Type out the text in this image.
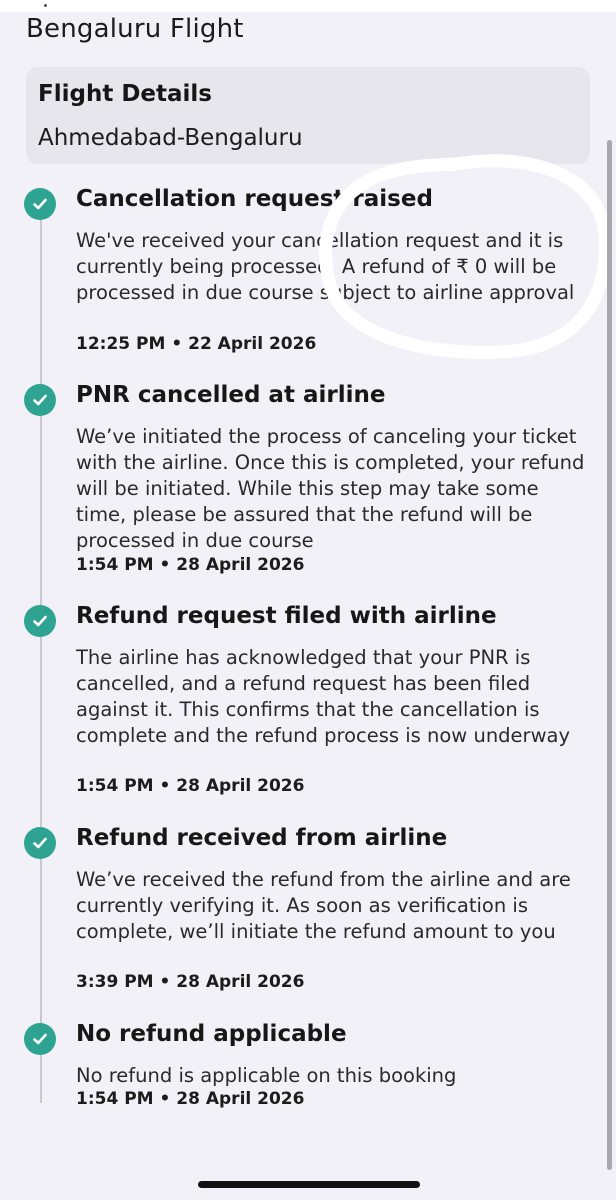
Bengaluru Flight
Flight Details
Ahmedabad-Bengaluru
Cancellation request raised

We've received your cancellation request and it is currently being processed. A refund of ₹ 0 will be processed in due course subject to airline approval

12:25 PM • 22 April 2026
PNR cancelled at airline

We’ve initiated the process of canceling your ticket with the airline. Once this is completed, your refund will be initiated. While this step may take some time, please be assured that the refund will be processed in due course

1:54 PM • 28 April 2026
Refund request filed with airline

The airline has acknowledged that your PNR is cancelled, and a refund request has been filed against it. This confirms that the cancellation is complete and the refund process is now underway

1:54 PM • 28 April 2026
Refund received from airline

We’ve received the refund from the airline and are currently verifying it. As soon as verification is complete, we’ll initiate the refund amount to you

3:39 PM • 28 April 2026
No refund applicable

No refund is applicable on this booking

1:54 PM • 28 April 2026
